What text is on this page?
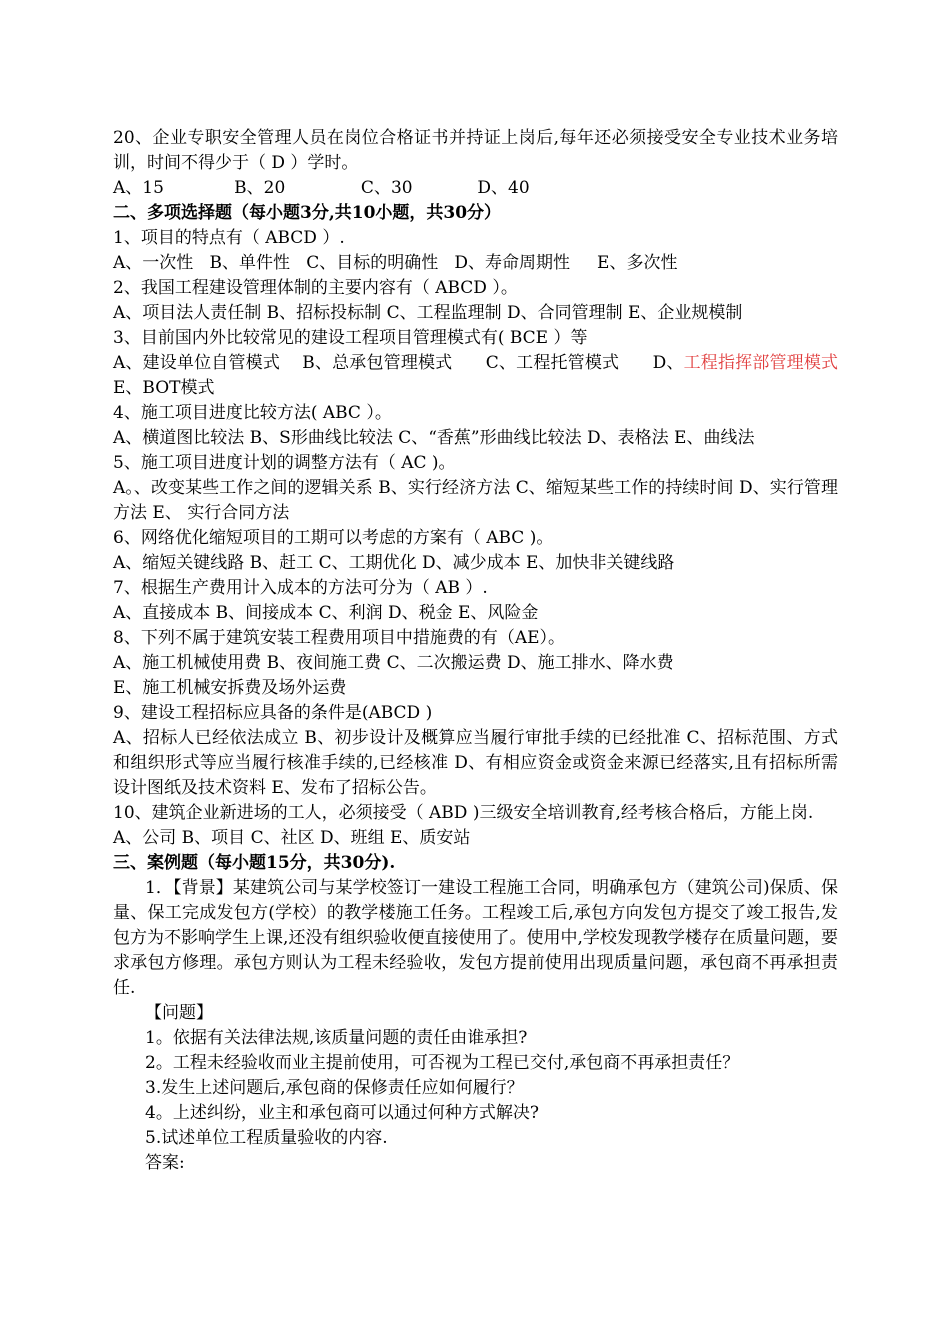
20、企业专职安全管理人员在岗位合格证书并持证上岗后,每年还必须接受安全专业技术业务培训，时间不得少于（ D ）学时。

A、15             B、20              C、30            D、40

二、多项选择题（每小题3分,共10小题，共30分）

1、项目的特点有（ ABCD ）.

A、一次性   B、单件性   C、目标的明确性   D、寿命周期性     E、多次性

2、我国工程建设管理体制的主要内容有（ ABCD ）。

A、项目法人责任制 B、招标投标制 C、工程监理制 D、合同管理制 E、企业规模制

3、目前国内外比较常见的建设工程项目管理模式有( BCE ）等

A、建设单位自管模式    B、总承包管理模式      C、工程托管模式      D、工程指挥部管理模式E、BOT模式

4、施工项目进度比较方法( ABC ）。

A、横道图比较法 B、S形曲线比较法 C、“香蕉”形曲线比较法 D、表格法 E、曲线法

5、施工项目进度计划的调整方法有（ AC )。

A。、改变某些工作之间的逻辑关系 B、实行经济方法 C、缩短某些工作的持续时间 D、实行管理方法 E、 实行合同方法

6、网络优化缩短项目的工期可以考虑的方案有（ ABC )。

A、缩短关键线路 B、赶工 C、工期优化 D、减少成本 E、加快非关键线路

7、根据生产费用计入成本的方法可分为（ AB ）.

A、直接成本 B、间接成本 C、利润 D、税金 E、风险金

8、下列不属于建筑安装工程费用项目中措施费的有（AE）。

A、施工机械使用费 B、夜间施工费 C、二次搬运费 D、施工排水、降水费

E、施工机械安拆费及场外运费

9、建设工程招标应具备的条件是(ABCD )

A、招标人已经依法成立 B、初步设计及概算应当履行审批手续的已经批准 C、招标范围、方式和组织形式等应当履行核准手续的,已经核准 D、有相应资金或资金来源已经落实,且有招标所需设计图纸及技术资料 E、发布了招标公告。

10、建筑企业新进场的工人，必须接受（ ABD )三级安全培训教育,经考核合格后，方能上岗.

A、公司 B、项目 C、社区 D、班组 E、质安站

三、案例题（每小题15分，共30分).

1．【背景】某建筑公司与某学校签订一建设工程施工合同，明确承包方（建筑公司)保质、保量、保工完成发包方(学校）的教学楼施工任务。工程竣工后,承包方向发包方提交了竣工报告,发包方为不影响学生上课,还没有组织验收便直接使用了。使用中,学校发现教学楼存在质量问题，要求承包方修理。承包方则认为工程未经验收，发包方提前使用出现质量问题，承包商不再承担责任.

【问题】

1。依据有关法律法规,该质量问题的责任由谁承担?

2。工程未经验收而业主提前使用，可否视为工程已交付,承包商不再承担责任？

3.发生上述问题后,承包商的保修责任应如何履行？

4。上述纠纷，业主和承包商可以通过何种方式解决?

5.试述单位工程质量验收的内容.

答案:
